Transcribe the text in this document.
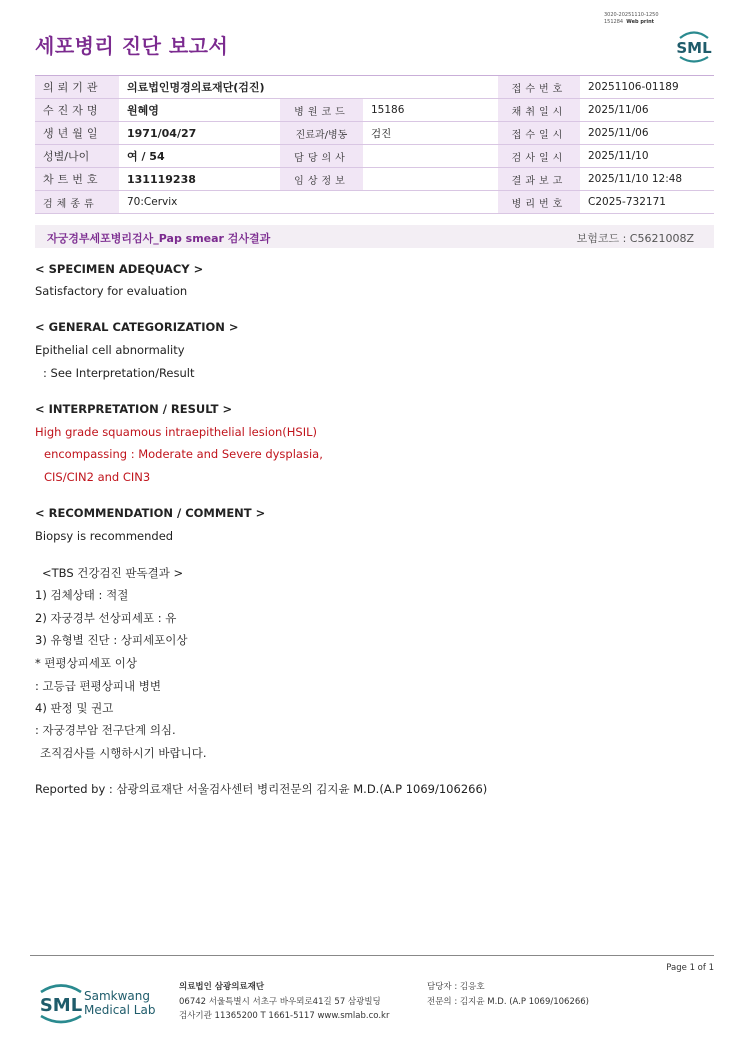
3020-20251110-1250
151284 Web print
세포병리 진단 보고서	SML
의뢰기관	의료법인명경의료재단(검진)			접수번호	20251106-01189
수진자명	원혜영	병원코드	15186	채취일시	2025/11/06
생년월일	1971/04/27	진료과/병동	검진	접수일시	2025/11/06
성별/나이	여 / 54	담당의사		검사일시	2025/11/10
차트번호	131119238	임상정보		결과보고	2025/11/10 12:48
검체종류	70:Cervix			병리번호	C2025-732171
자궁경부세포병리검사_Pap smear 검사결과	보험코드 : C5621008Z
< SPECIMEN ADEQUACY >
Satisfactory for evaluation
< GENERAL CATEGORIZATION >
Epithelial cell abnormality
: See Interpretation/Result
< INTERPRETATION / RESULT >
High grade squamous intraepithelial lesion(HSIL)
encompassing : Moderate and Severe dysplasia,
CIS/CIN2 and CIN3
< RECOMMENDATION / COMMENT >
Biopsy is recommended
<TBS 건강검진 판독결과 >
1) 검체상태 : 적절
2) 자궁경부 선상피세포 : 유
3) 유형별 진단 : 상피세포이상
* 편평상피세포 이상
: 고등급 편평상피내 병변
4) 판정 및 권고
: 자궁경부암 전구단계 의심.
조직검사를 시행하시기 바랍니다.
Reported by : 삼광의료재단 서울검사센터 병리전문의 김지윤 M.D.(A.P 1069/106266)
Page 1 of 1
SML Samkwang
Medical Lab
의료법인 삼광의료재단
06742 서울특별시 서초구 바우뫼로41길 57 삼광빌딩
검사기관 11365200 T 1661-5117 www.smlab.co.kr
담당자 : 김응호
전문의 : 김지윤 M.D. (A.P 1069/106266)
